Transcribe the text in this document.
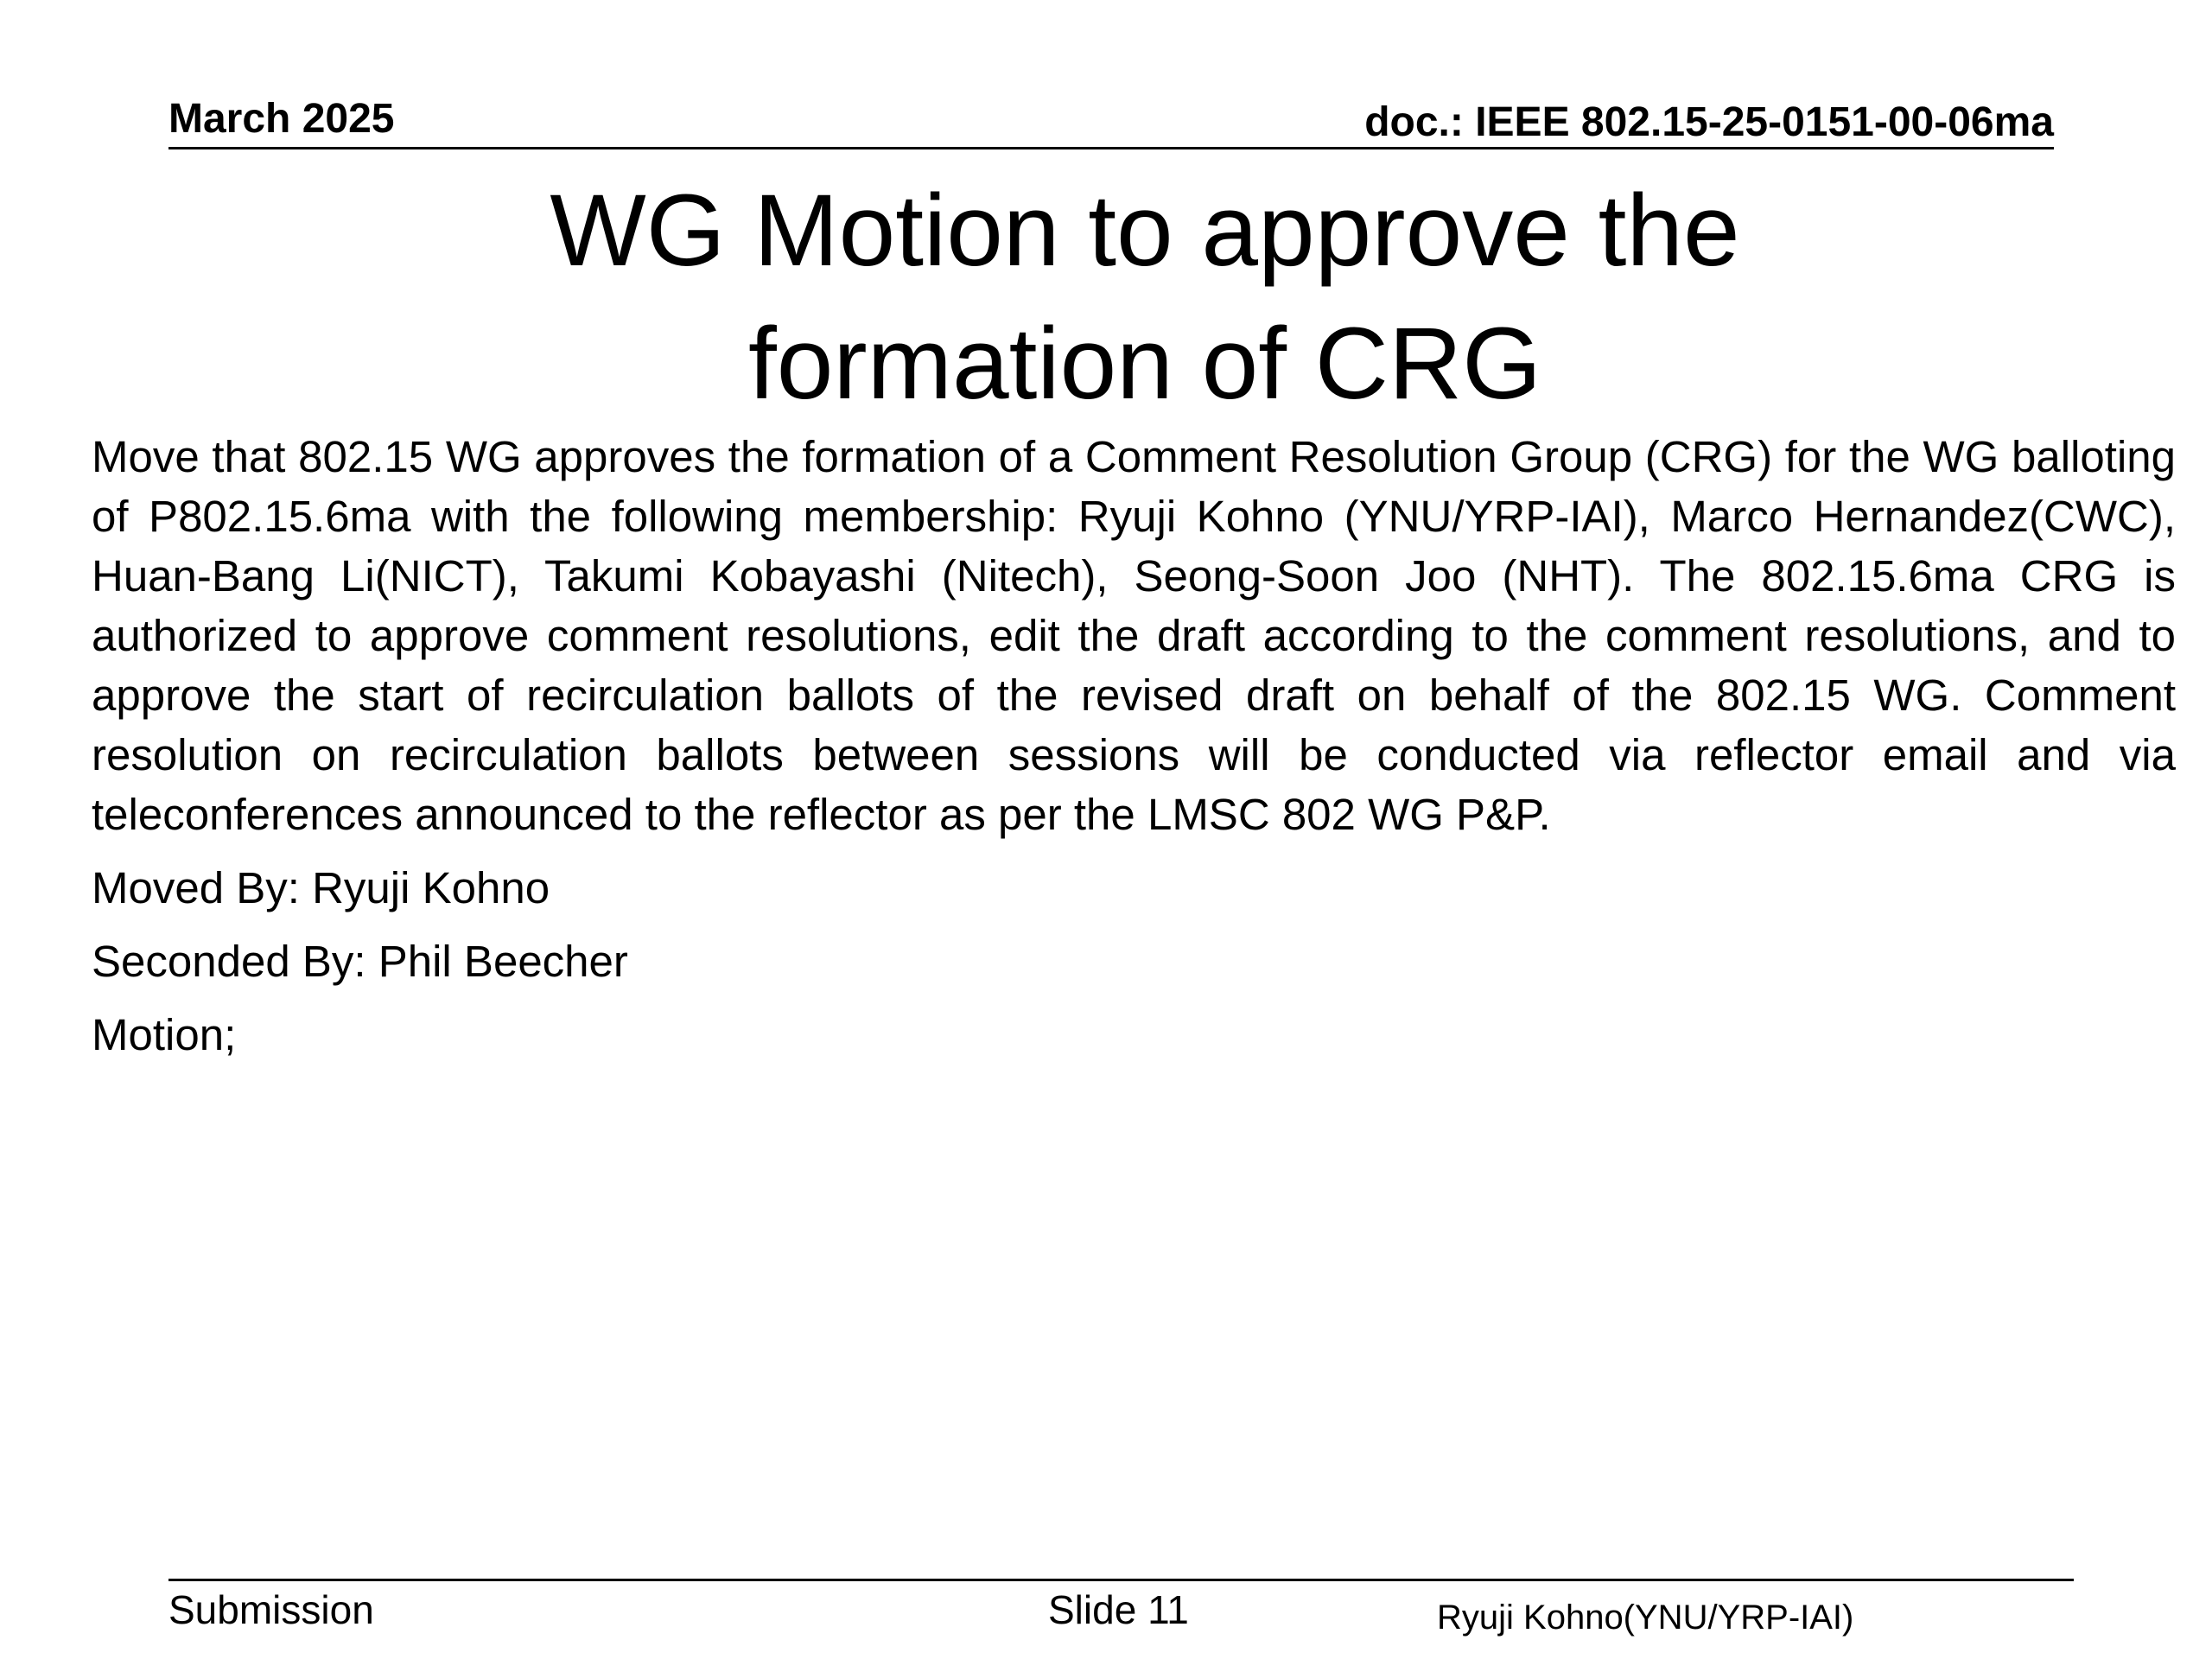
March 2025	doc.: IEEE 802.15-25-0151-00-06ma
WG Motion to approve the
formation of CRG

Move that 802.15 WG approves the formation of a Comment Resolution Group (CRG) for the WG balloting of P802.15.6ma with the following membership: Ryuji Kohno (YNU/YRP-IAI), Marco Hernandez(CWC), Huan-Bang Li(NICT), Takumi Kobayashi (Nitech), Seong-Soon Joo (NHT). The 802.15.6ma CRG is authorized to approve comment resolutions, edit the draft according to the comment resolutions, and to approve the start of recirculation ballots of the revised draft on behalf of the 802.15 WG. Comment resolution on recirculation ballots between sessions will be conducted via reflector email and via teleconferences announced to the reflector as per the LMSC 802 WG P&P.

Moved By: Ryuji Kohno

Seconded By: Phil Beecher

Motion;

Submission	Slide 11	Ryuji Kohno(YNU/YRP-IAI)
